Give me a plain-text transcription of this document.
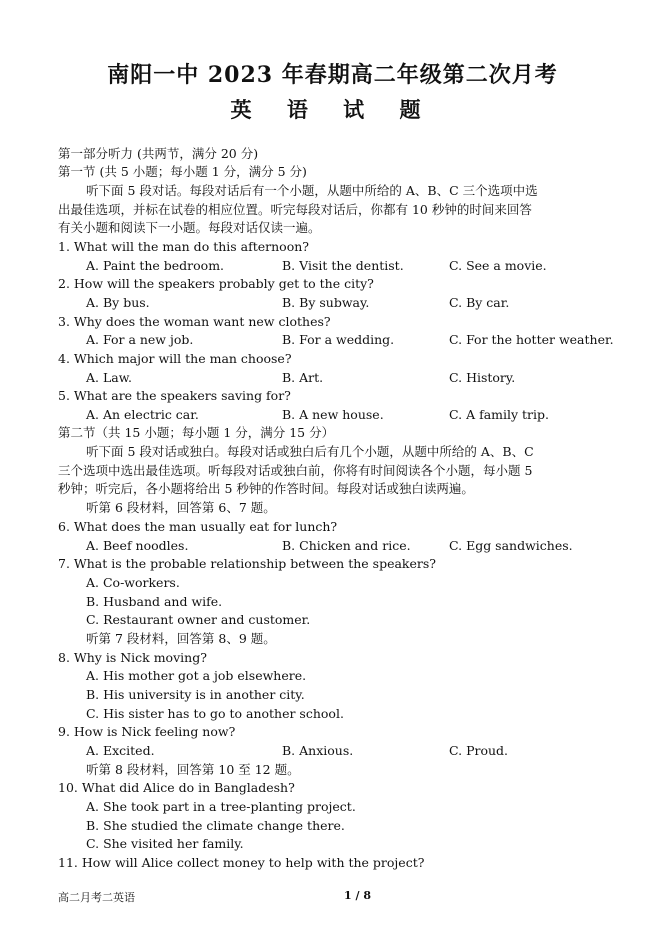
南阳一中 2023 年春期高二年级第二次月考
英 语 试 题
第一部分听力 (共两节，满分 20 分)
第一节 (共 5 小题；每小题 1 分，满分 5 分)
听下面 5 段对话。每段对话后有一个小题，从题中所给的 A、B、C 三个选项中选
出最佳选项，并标在试卷的相应位置。听完每段对话后，你都有 10 秒钟的时间来回答
有关小题和阅读下一小题。每段对话仅读一遍。
1. What will the man do this afternoon?
A. Paint the bedroom.	B. Visit the dentist.	C. See a movie.
2. How will the speakers probably get to the city?
A. By bus.	B. By subway.	C. By car.
3. Why does the woman want new clothes?
A. For a new job.	B. For a wedding.	C. For the hotter weather.
4. Which major will the man choose?
A. Law.	B. Art.	C. History.
5. What are the speakers saving for?
A. An electric car.	B. A new house.	C. A family trip.
第二节（共 15 小题；每小题 1 分，满分 15 分）
听下面 5 段对话或独白。每段对话或独白后有几个小题，从题中所给的 A、B、C
三个选项中选出最佳选项。听每段对话或独白前，你将有时间阅读各个小题，每小题 5
秒钟；听完后，各小题将给出 5 秒钟的作答时间。每段对话或独白读两遍。
听第 6 段材料，回答第 6、7 题。
6. What does the man usually eat for lunch?
A. Beef noodles.	B. Chicken and rice.	C. Egg sandwiches.
7. What is the probable relationship between the speakers?
A. Co-workers.
B. Husband and wife.
C. Restaurant owner and customer.
听第 7 段材料，回答第 8、9 题。
8. Why is Nick moving?
A. His mother got a job elsewhere.
B. His university is in another city.
C. His sister has to go to another school.
9. How is Nick feeling now?
A. Excited.	B. Anxious.	C. Proud.
听第 8 段材料，回答第 10 至 12 题。
10. What did Alice do in Bangladesh?
A. She took part in a tree-planting project.
B. She studied the climate change there.
C. She visited her family.
11. How will Alice collect money to help with the project?
高二月考二英语	1 / 8
